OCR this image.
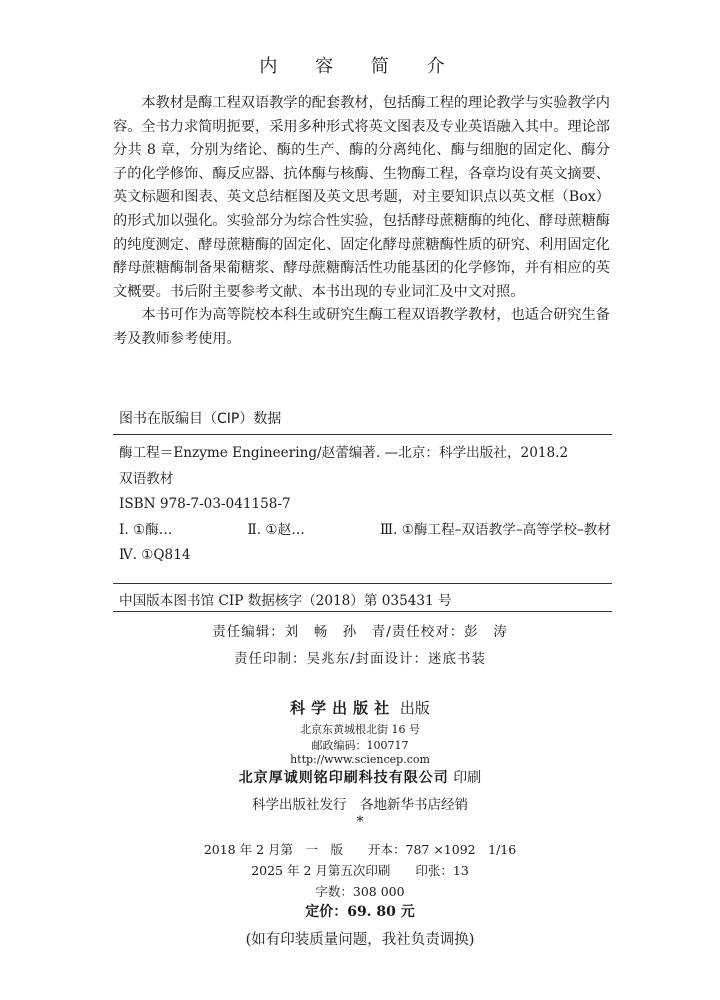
内 容 简 介

本教材是酶工程双语教学的配套教材，包括酶工程的理论教学与实验教学内容。全书力求简明扼要，采用多种形式将英文图表及专业英语融入其中。理论部分共 8 章，分别为绪论、酶的生产、酶的分离纯化、酶与细胞的固定化、酶分子的化学修饰、酶反应器、抗体酶与核酶、生物酶工程，各章均设有英文摘要、英文标题和图表、英文总结框图及英文思考题，对主要知识点以英文框（Box）的形式加以强化。实验部分为综合性实验，包括酵母蔗糖酶的纯化、酵母蔗糖酶的纯度测定、酵母蔗糖酶的固定化、固定化酵母蔗糖酶性质的研究、利用固定化酵母蔗糖酶制备果葡糖浆、酵母蔗糖酶活性功能基团的化学修饰，并有相应的英文概要。书后附主要参考文献、本书出现的专业词汇及中文对照。

本书可作为高等院校本科生或研究生酶工程双语教学教材，也适合研究生备考及教师参考使用。

图书在版编目（CIP）数据
酶工程＝Enzyme Engineering/赵蕾编著. —北京：科学出版社，2018.2
双语教材
ISBN 978-7-03-041158-7
Ⅰ. ①酶…	Ⅱ. ①赵…	Ⅲ. ①酶工程–双语教学–高等学校–教材
Ⅳ. ①Q814
中国版本图书馆 CIP 数据核字（2018）第 035431 号
责任编辑：刘　畅　孙　青/责任校对：彭　涛
责任印制：吴兆东/封面设计：迷底书装
科学出版社 出版
北京东黄城根北街 16 号
邮政编码：100717
http://www.sciencep.com
北京厚诚则铭印刷科技有限公司 印刷
科学出版社发行　各地新华书店经销
*
2018 年 2 月第　一　版　　开本：787 ×1092　1/16
2025 年 2 月第五次印刷　　印张：13
字数：308 000
定价：69. 80 元
(如有印装质量问题，我社负责调换)
